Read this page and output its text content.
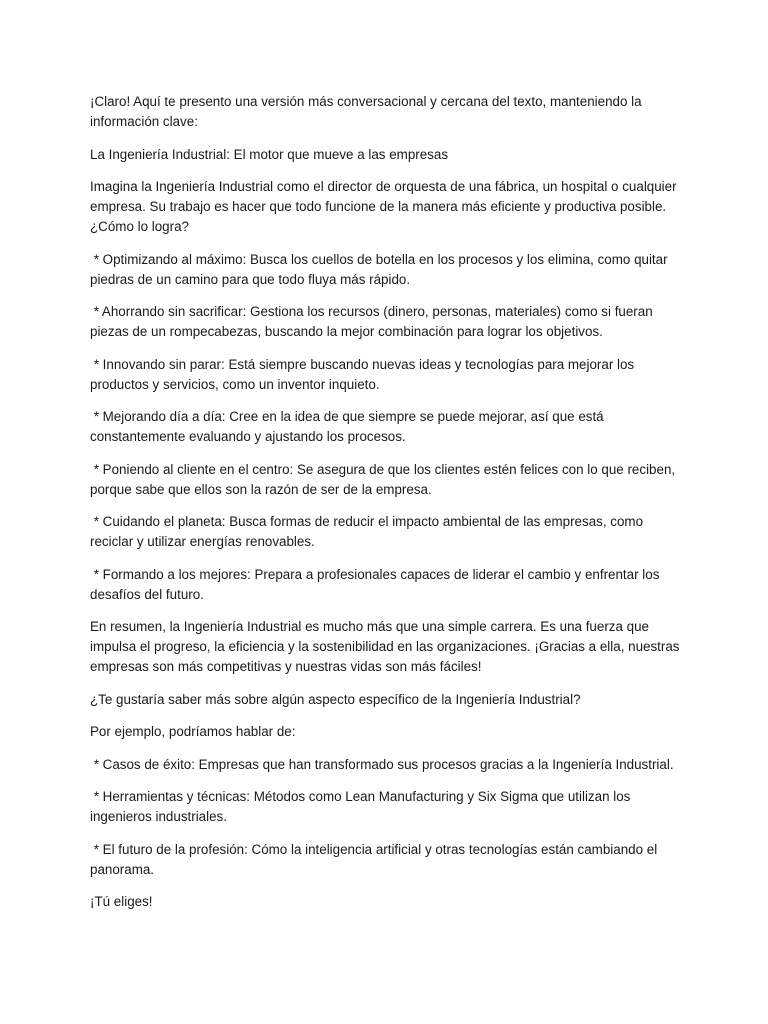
¡Claro! Aquí te presento una versión más conversacional y cercana del texto, manteniendo la información clave:

La Ingeniería Industrial: El motor que mueve a las empresas

Imagina la Ingeniería Industrial como el director de orquesta de una fábrica, un hospital o cualquier empresa. Su trabajo es hacer que todo funcione de la manera más eficiente y productiva posible. ¿Cómo lo logra?

* Optimizando al máximo: Busca los cuellos de botella en los procesos y los elimina, como quitar piedras de un camino para que todo fluya más rápido.

* Ahorrando sin sacrificar: Gestiona los recursos (dinero, personas, materiales) como si fueran piezas de un rompecabezas, buscando la mejor combinación para lograr los objetivos.

* Innovando sin parar: Está siempre buscando nuevas ideas y tecnologías para mejorar los productos y servicios, como un inventor inquieto.

* Mejorando día a día: Cree en la idea de que siempre se puede mejorar, así que está constantemente evaluando y ajustando los procesos.

* Poniendo al cliente en el centro: Se asegura de que los clientes estén felices con lo que reciben, porque sabe que ellos son la razón de ser de la empresa.

* Cuidando el planeta: Busca formas de reducir el impacto ambiental de las empresas, como reciclar y utilizar energías renovables.

* Formando a los mejores: Prepara a profesionales capaces de liderar el cambio y enfrentar los desafíos del futuro.

En resumen, la Ingeniería Industrial es mucho más que una simple carrera. Es una fuerza que impulsa el progreso, la eficiencia y la sostenibilidad en las organizaciones. ¡Gracias a ella, nuestras empresas son más competitivas y nuestras vidas son más fáciles!

¿Te gustaría saber más sobre algún aspecto específico de la Ingeniería Industrial?

Por ejemplo, podríamos hablar de:

* Casos de éxito: Empresas que han transformado sus procesos gracias a la Ingeniería Industrial.

* Herramientas y técnicas: Métodos como Lean Manufacturing y Six Sigma que utilizan los ingenieros industriales.

* El futuro de la profesión: Cómo la inteligencia artificial y otras tecnologías están cambiando el panorama.

¡Tú eliges!
